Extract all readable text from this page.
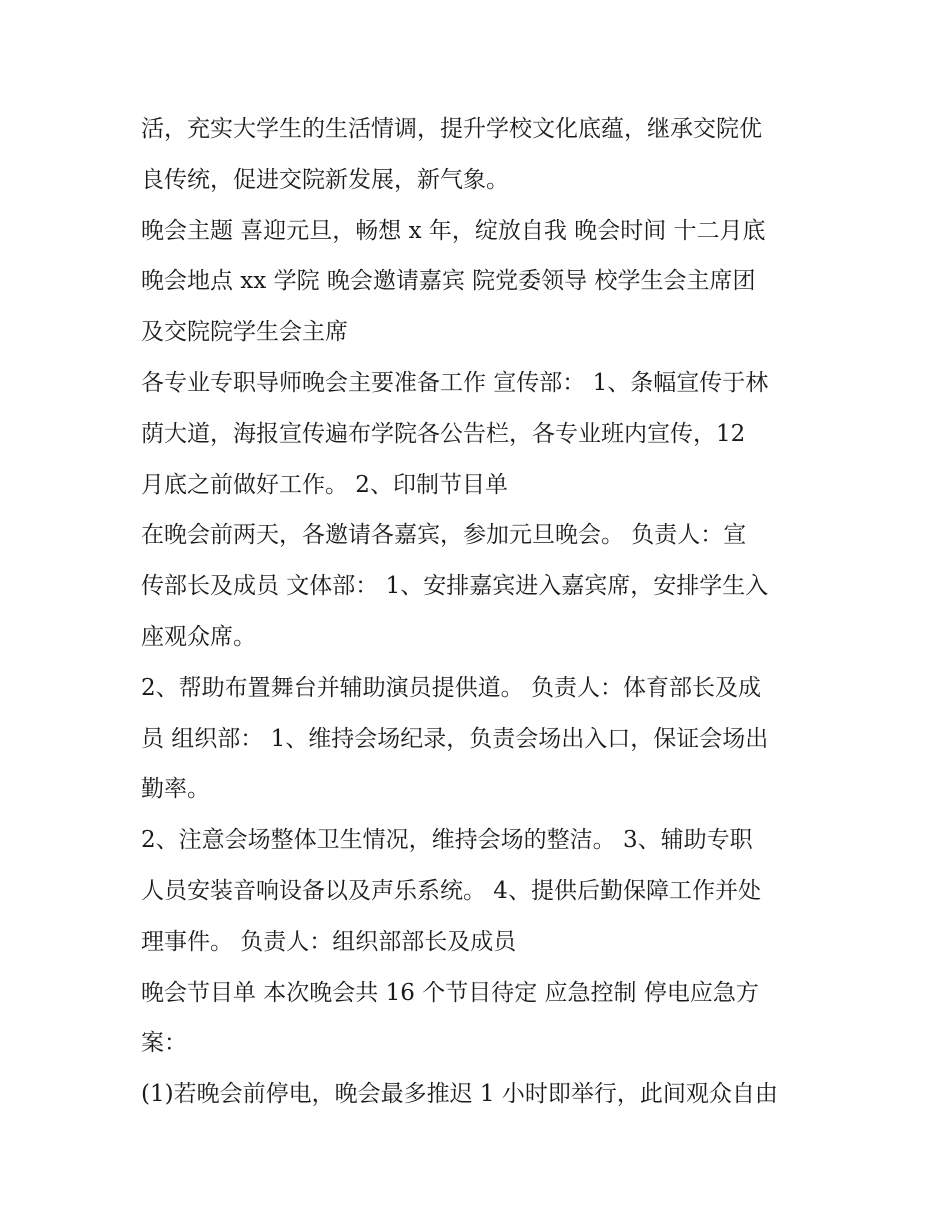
活，充实大学生的生活情调，提升学校文化底蕴，继承交院优
良传统，促进交院新发展，新气象。
晚会主题 喜迎元旦，畅想 x 年，绽放自我 晚会时间 十二月底
晚会地点 xx 学院 晚会邀请嘉宾 院党委领导 校学生会主席团
及交院院学生会主席
各专业专职导师晚会主要准备工作 宣传部： 1、条幅宣传于林
荫大道，海报宣传遍布学院各公告栏，各专业班内宣传，12
月底之前做好工作。 2、印制节目单
在晚会前两天，各邀请各嘉宾，参加元旦晚会。 负责人：宣
传部长及成员 文体部： 1、安排嘉宾进入嘉宾席，安排学生入
座观众席。
2、帮助布置舞台并辅助演员提供道。 负责人：体育部长及成
员 组织部： 1、维持会场纪录，负责会场出入口，保证会场出
勤率。
2、注意会场整体卫生情况，维持会场的整洁。 3、辅助专职
人员安装音响设备以及声乐系统。 4、提供后勤保障工作并处
理事件。 负责人：组织部部长及成员
晚会节目单 本次晚会共 16 个节目待定 应急控制 停电应急方
案：
(1)若晚会前停电，晚会最多推迟 1 小时即举行，此间观众自由
